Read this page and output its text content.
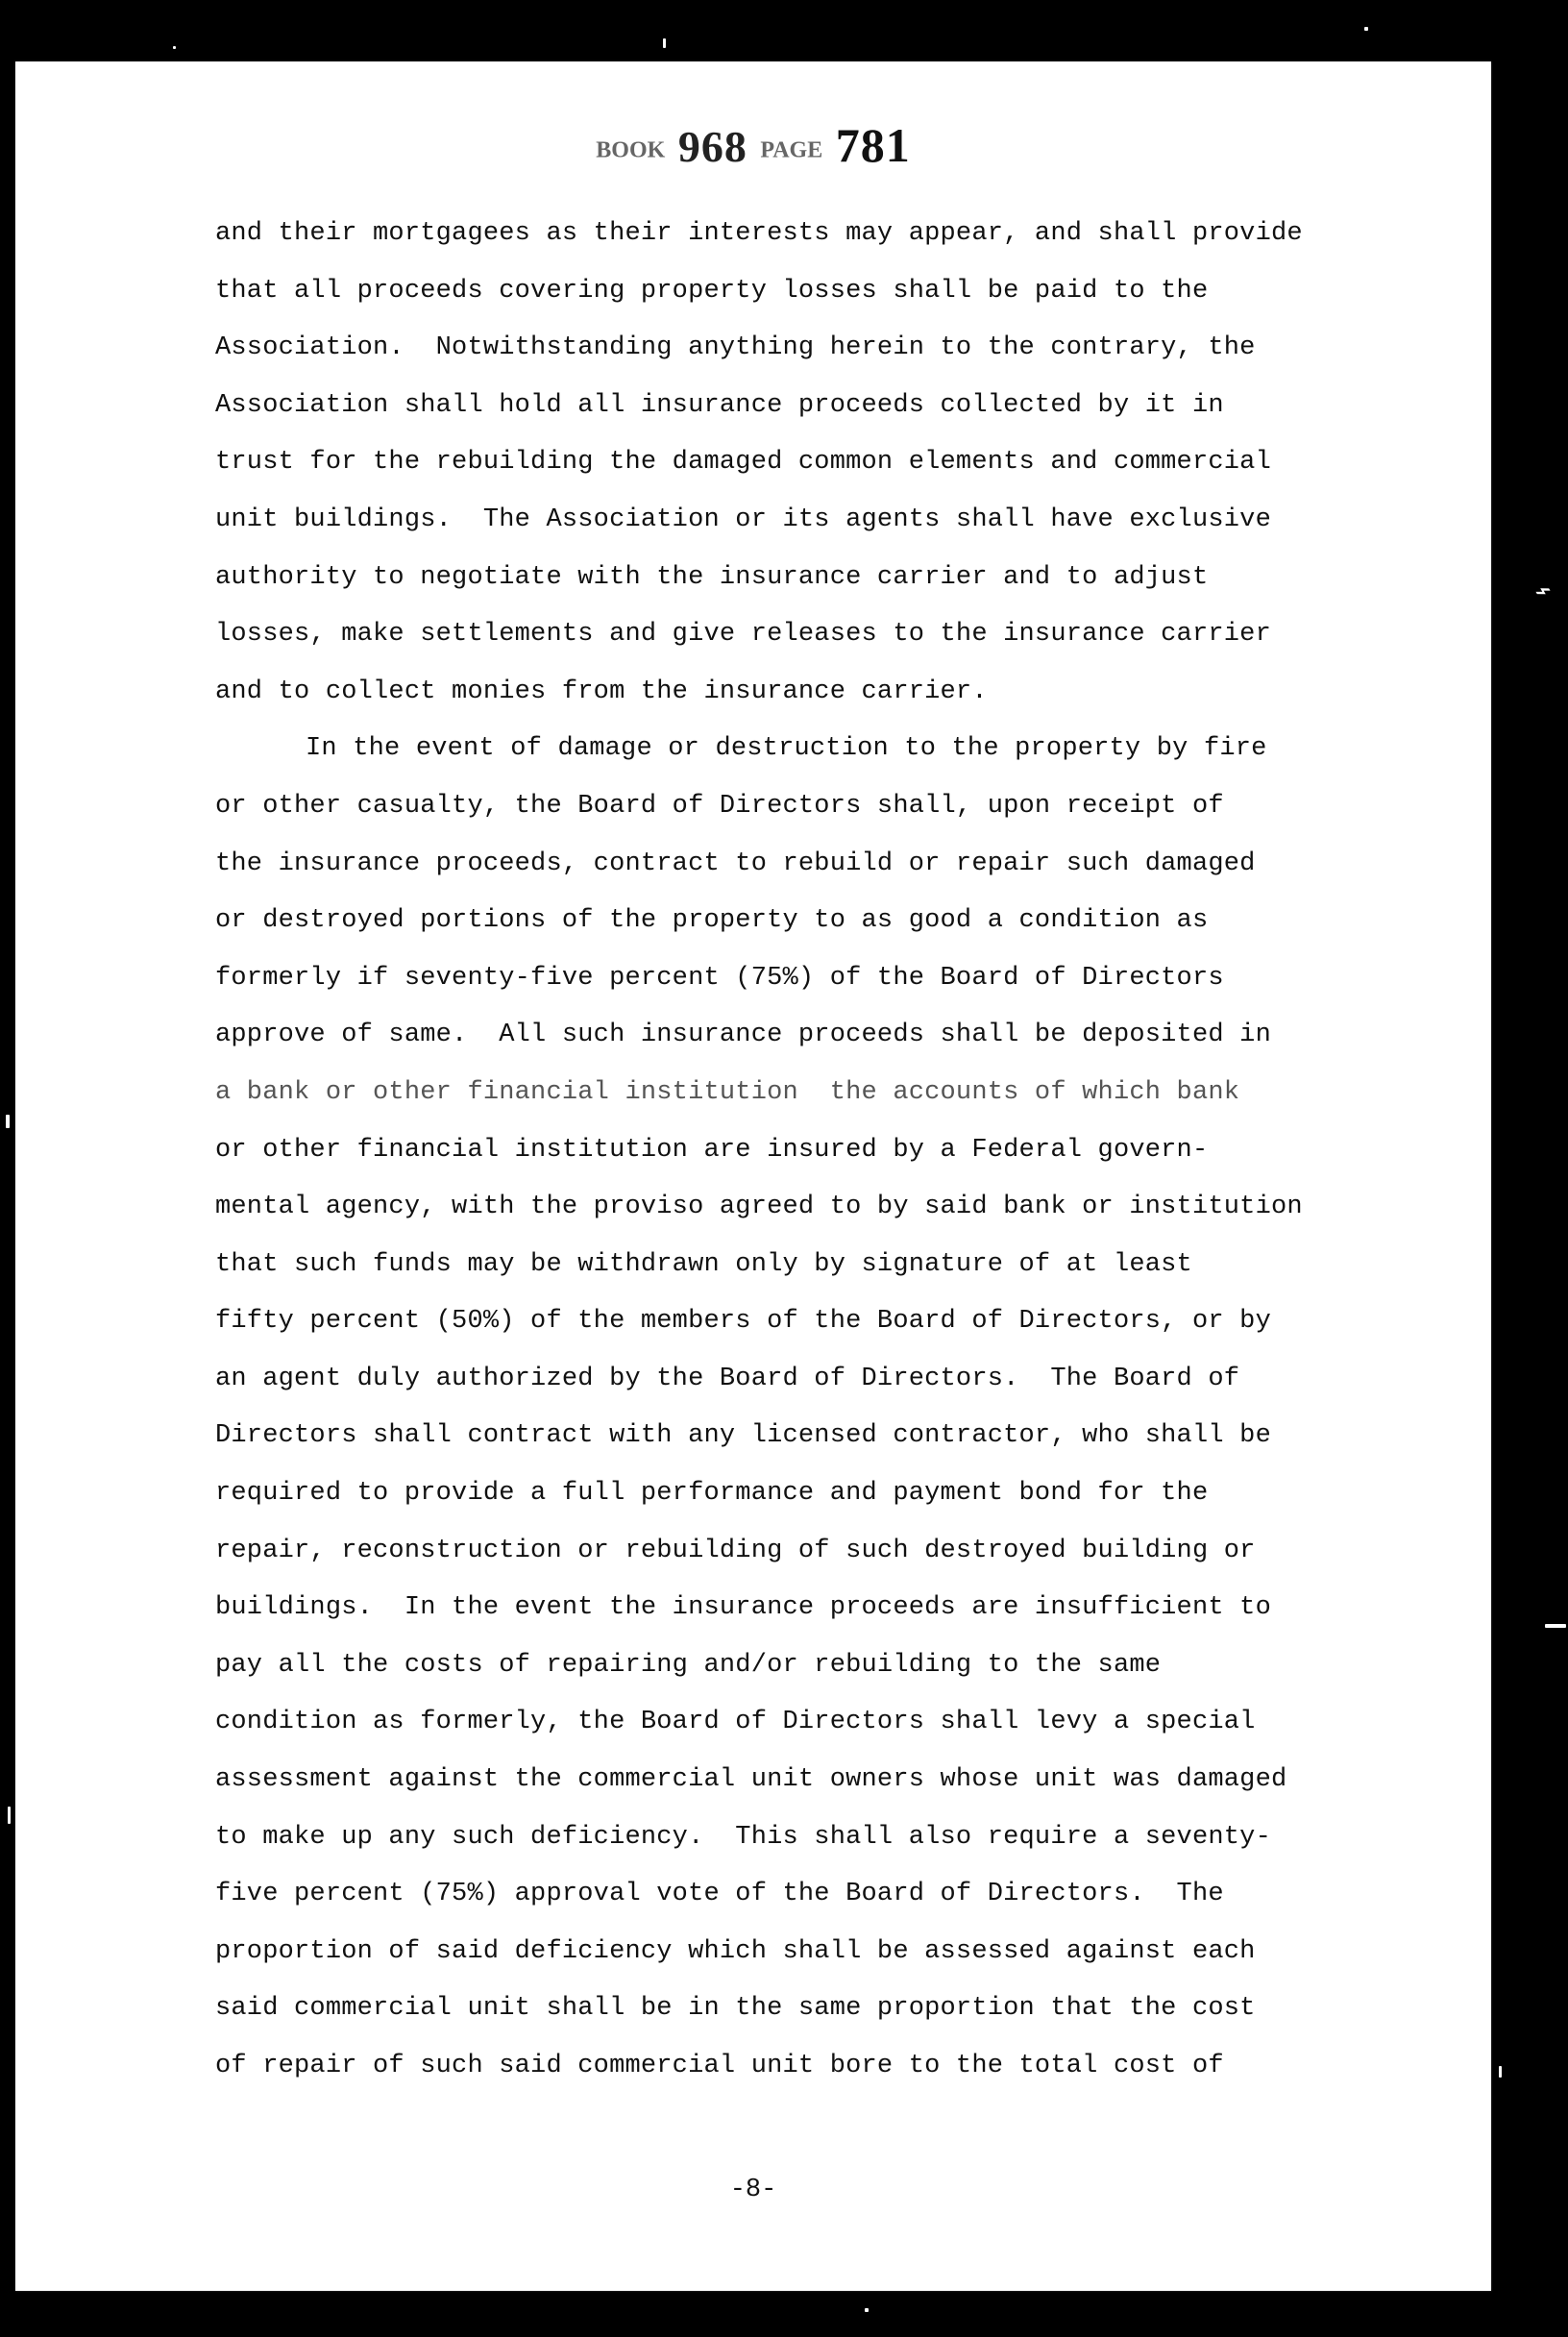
⌁
BOOK 968 PAGE 781
and their mortgagees as their interests may appear, and shall provide
that all proceeds covering property losses shall be paid to the
Association.  Notwithstanding anything herein to the contrary, the
Association shall hold all insurance proceeds collected by it in
trust for the rebuilding the damaged common elements and commercial
unit buildings.  The Association or its agents shall have exclusive
authority to negotiate with the insurance carrier and to adjust
losses, make settlements and give releases to the insurance carrier
and to collect monies from the insurance carrier.
In the event of damage or destruction to the property by fire
or other casualty, the Board of Directors shall, upon receipt of
the insurance proceeds, contract to rebuild or repair such damaged
or destroyed portions of the property to as good a condition as
formerly if seventy-five percent (75%) of the Board of Directors
approve of same.  All such insurance proceeds shall be deposited in
a bank or other financial institution  the accounts of which bank
or other financial institution are insured by a Federal govern-
mental agency, with the proviso agreed to by said bank or institution
that such funds may be withdrawn only by signature of at least
fifty percent (50%) of the members of the Board of Directors, or by
an agent duly authorized by the Board of Directors.  The Board of
Directors shall contract with any licensed contractor, who shall be
required to provide a full performance and payment bond for the
repair, reconstruction or rebuilding of such destroyed building or
buildings.  In the event the insurance proceeds are insufficient to
pay all the costs of repairing and/or rebuilding to the same
condition as formerly, the Board of Directors shall levy a special
assessment against the commercial unit owners whose unit was damaged
to make up any such deficiency.  This shall also require a seventy-
five percent (75%) approval vote of the Board of Directors.  The
proportion of said deficiency which shall be assessed against each
said commercial unit shall be in the same proportion that the cost
of repair of such said commercial unit bore to the total cost of
-8-
